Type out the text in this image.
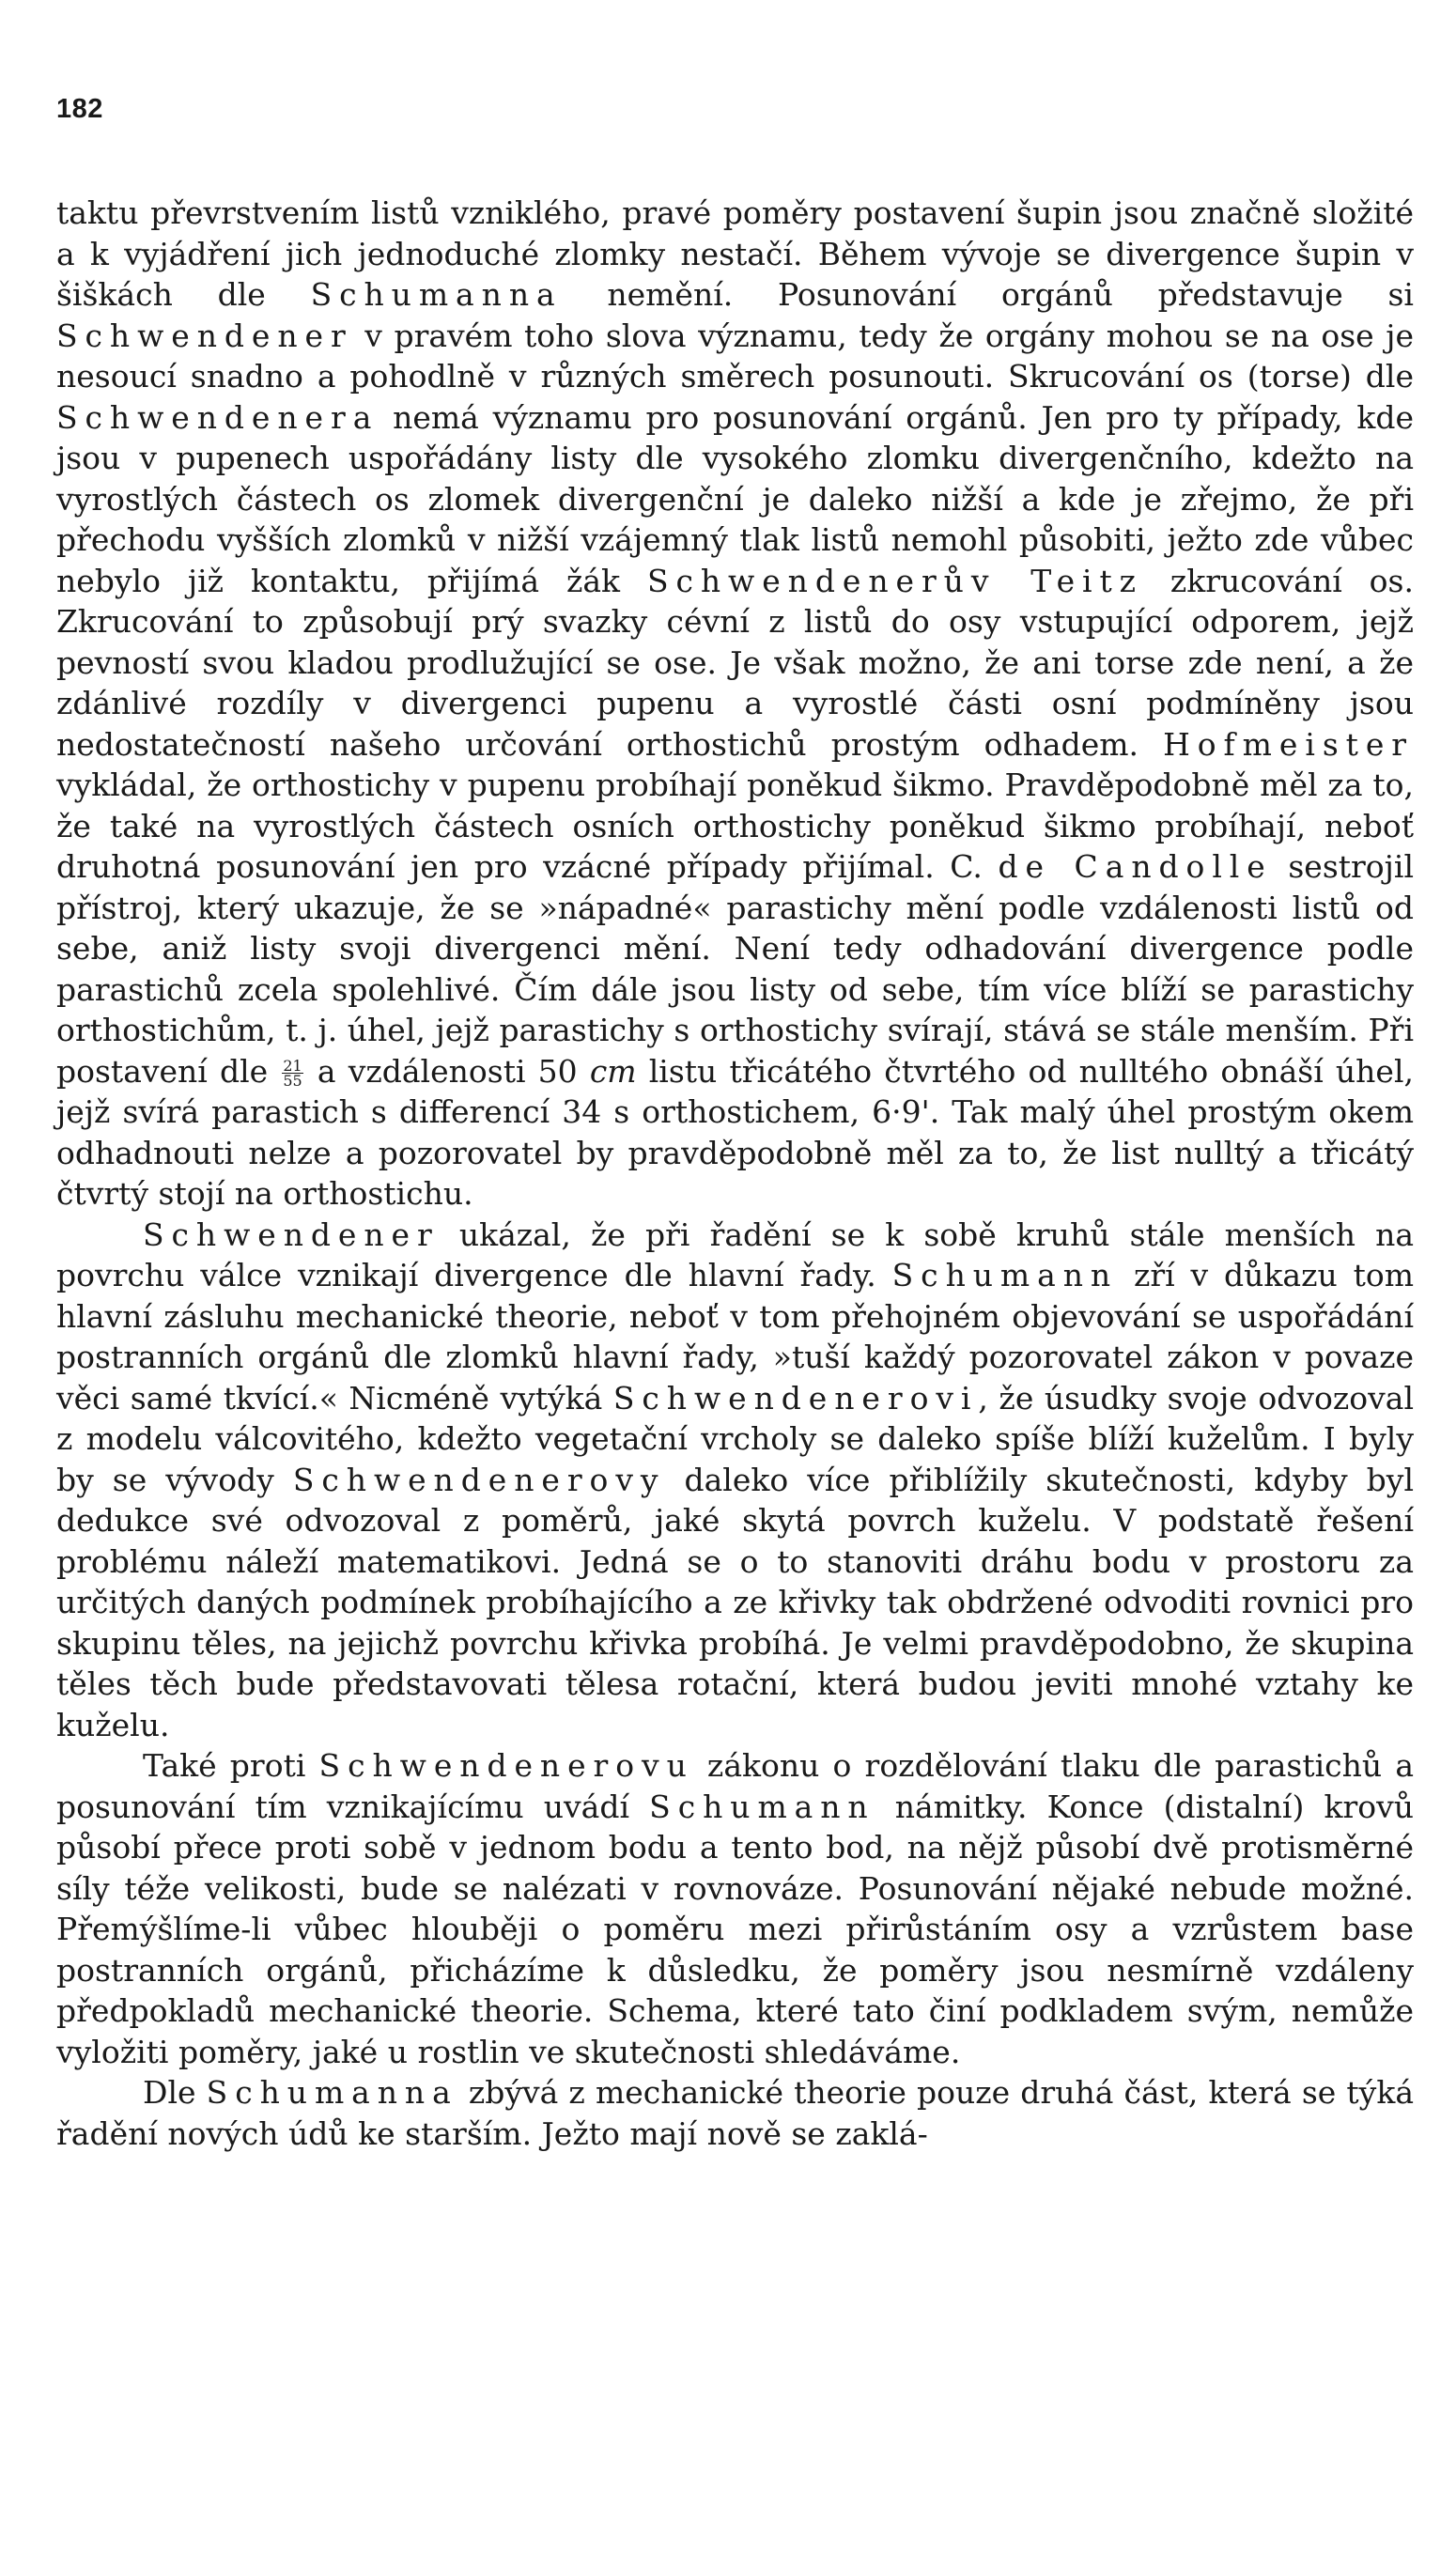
182

taktu převrstvením listů vzniklého, pravé poměry postavení šupin jsou značně složité a k vyjádření jich jednoduché zlomky nestačí. Během vývoje se divergence šupin v šiškách dle Schumanna nemění. Posunování orgánů představuje si Schwendener v pravém toho slova významu, tedy že orgány mohou se na ose je nesoucí snadno a pohodlně v různých směrech posunouti. Skrucování os (torse) dle Schwendenera nemá významu pro posunování orgánů. Jen pro ty případy, kde jsou v pupenech uspořádány listy dle vysokého zlomku divergenčního, kdežto na vyrostlých částech os zlomek divergenční je daleko nižší a kde je zřejmo, že při přechodu vyšších zlomků v nižší vzájemný tlak listů nemohl působiti, ježto zde vůbec nebylo již kontaktu, přijímá žák Schwendenerův Teitz zkrucování os. Zkrucování to způsobují prý svazky cévní z listů do osy vstupující odporem, jejž pevností svou kladou prodlužující se ose. Je však možno, že ani torse zde není, a že zdánlivé rozdíly v divergenci pupenu a vyrostlé části osní podmíněny jsou nedostatečností našeho určování orthostichů prostým odhadem. Hofmeister vykládal, že orthostichy v pupenu probíhají poněkud šikmo. Pravděpodobně měl za to, že také na vyrostlých částech osních orthostichy poněkud šikmo probíhají, neboť druhotná posunování jen pro vzácné případy přijímal. C. de Candolle sestrojil přístroj, který ukazuje, že se »nápadné« parastichy mění podle vzdálenosti listů od sebe, aniž listy svoji divergenci mění. Není tedy odhadování divergence podle parastichů zcela spolehlivé. Čím dále jsou listy od sebe, tím více blíží se parastichy orthostichům, t. j. úhel, jejž parastichy s orthostichy svírají, stává se stále menším. Při postavení dle $\frac{21}{55}$ a vzdálenosti 50 cm listu třicátého čtvrtého od nulltého obnáší úhel, jejž svírá parastich s differencí 34 s orthostichem, 6·9'. Tak malý úhel prostým okem odhadnouti nelze a pozorovatel by pravděpodobně měl za to, že list nulltý a třicátý čtvrtý stojí na orthostichu.

Schwendener ukázal, že při řadění se k sobě kruhů stále menších na povrchu válce vznikají divergence dle hlavní řady. Schumann zří v důkazu tom hlavní zásluhu mechanické theorie, neboť v tom přehojném objevování se uspořádání postranních orgánů dle zlomků hlavní řady, »tuší každý pozorovatel zákon v povaze věci samé tkvící.« Nicméně vytýká Schwendenerovi, že úsudky svoje odvozoval z modelu válcovitého, kdežto vegetační vrcholy se daleko spíše blíží kuželům. I byly by se vývody Schwendenerovy daleko více přiblížily skutečnosti, kdyby byl dedukce své odvozoval z poměrů, jaké skytá povrch kuželu. V podstatě řešení problému náleží matematikovi. Jedná se o to stanoviti dráhu bodu v prostoru za určitých daných podmínek probíhajícího a ze křivky tak obdržené odvoditi rovnici pro skupinu těles, na jejichž povrchu křivka probíhá. Je velmi pravděpodobno, že skupina těles těch bude představovati tělesa rotační, která budou jeviti mnohé vztahy ke kuželu.

Také proti Schwendenerovu zákonu o rozdělování tlaku dle parastichů a posunování tím vznikajícímu uvádí Schumann námitky. Konce (distalní) krovů působí přece proti sobě v jednom bodu a tento bod, na nějž působí dvě protisměrné síly téže velikosti, bude se nalézati v rovnováze. Posunování nějaké nebude možné. Přemýšlíme-li vůbec hlouběji o poměru mezi přirůstáním osy a vzrůstem base postranních orgánů, přicházíme k důsledku, že poměry jsou nesmírně vzdáleny předpokladů mechanické theorie. Schema, které tato činí podkladem svým, nemůže vyložiti poměry, jaké u rostlin ve skutečnosti shledáváme.

Dle Schumanna zbývá z mechanické theorie pouze druhá část, která se týká řadění nových údů ke starším. Ježto mají nově se zaklá-
